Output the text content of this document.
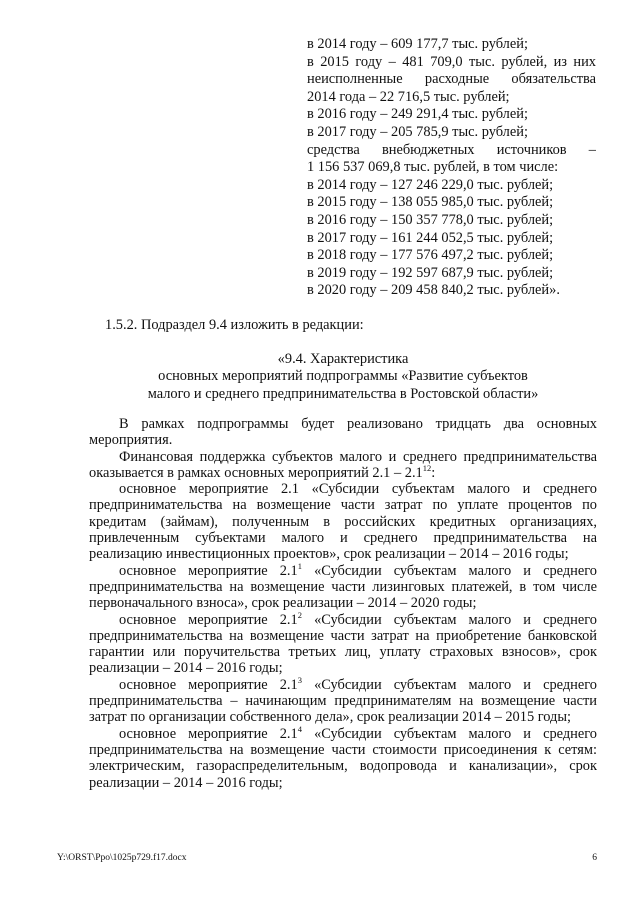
в 2014 году – 609 177,7 тыс. рублей;
в 2015 году – 481 709,0 тыс. рублей, из них
неисполненные расходные обязательства
2014 года – 22 716,5 тыс. рублей;
в 2016 году – 249 291,4 тыс. рублей;
в 2017 году – 205 785,9 тыс. рублей;
средства внебюджетных источников –
1 156 537 069,8 тыс. рублей, в том числе:
в 2014 году – 127 246 229,0 тыс. рублей;
в 2015 году – 138 055 985,0 тыс. рублей;
в 2016 году – 150 357 778,0 тыс. рублей;
в 2017 году – 161 244 052,5 тыс. рублей;
в 2018 году – 177 576 497,2 тыс. рублей;
в 2019 году – 192 597 687,9 тыс. рублей;
в 2020 году – 209 458 840,2 тыс. рублей».
1.5.2. Подраздел 9.4 изложить в редакции:
«9.4. Характеристика
основных мероприятий подпрограммы «Развитие субъектов
малого и среднего предпринимательства в Ростовской области»

В рамках подпрограммы будет реализовано тридцать два основных мероприятия.

Финансовая поддержка субъектов малого и среднего предпринимательства оказывается в рамках основных мероприятий $2.1 - 2.1^{12}$:

основное мероприятие 2.1 «Субсидии субъектам малого и среднего предпринимательства на возмещение части затрат по уплате процентов по кредитам (займам), полученным в российских кредитных организациях, привлеченным субъектами малого и среднего предпринимательства на реализацию инвестиционных проектов», срок реализации – 2014 – 2016 годы;

основное мероприятие $2.1^1$ «Субсидии субъектам малого и среднего предпринимательства на возмещение части лизинговых платежей, в том числе первоначального взноса», срок реализации – 2014 – 2020 годы;

основное мероприятие $2.1^2$ «Субсидии субъектам малого и среднего предпринимательства на возмещение части затрат на приобретение банковской гарантии или поручительства третьих лиц, уплату страховых взносов», срок реализации – 2014 – 2016 годы;

основное мероприятие $2.1^3$ «Субсидии субъектам малого и среднего предпринимательства – начинающим предпринимателям на возмещение части затрат по организации собственного дела», срок реализации 2014 – 2015 годы;

основное мероприятие $2.1^4$ «Субсидии субъектам малого и среднего предпринимательства на возмещение части стоимости присоединения к сетям: электрическим, газораспределительным, водопровода и канализации», срок реализации – 2014 – 2016 годы;

Y:\ORST\Ppo\1025p729.f17.docx	6
